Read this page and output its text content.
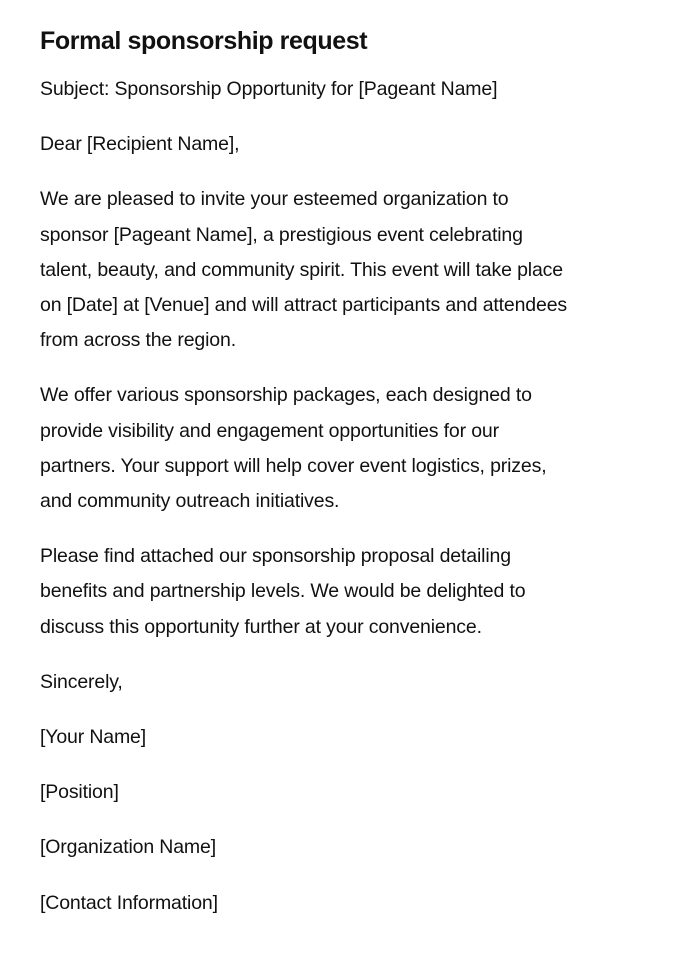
Formal sponsorship request

Subject: Sponsorship Opportunity for [Pageant Name]

Dear [Recipient Name],

We are pleased to invite your esteemed organization to
sponsor [Pageant Name], a prestigious event celebrating
talent, beauty, and community spirit. This event will take place
on [Date] at [Venue] and will attract participants and attendees
from across the region.

We offer various sponsorship packages, each designed to
provide visibility and engagement opportunities for our
partners. Your support will help cover event logistics, prizes,
and community outreach initiatives.

Please find attached our sponsorship proposal detailing
benefits and partnership levels. We would be delighted to
discuss this opportunity further at your convenience.

Sincerely,

[Your Name]

[Position]

[Organization Name]

[Contact Information]
